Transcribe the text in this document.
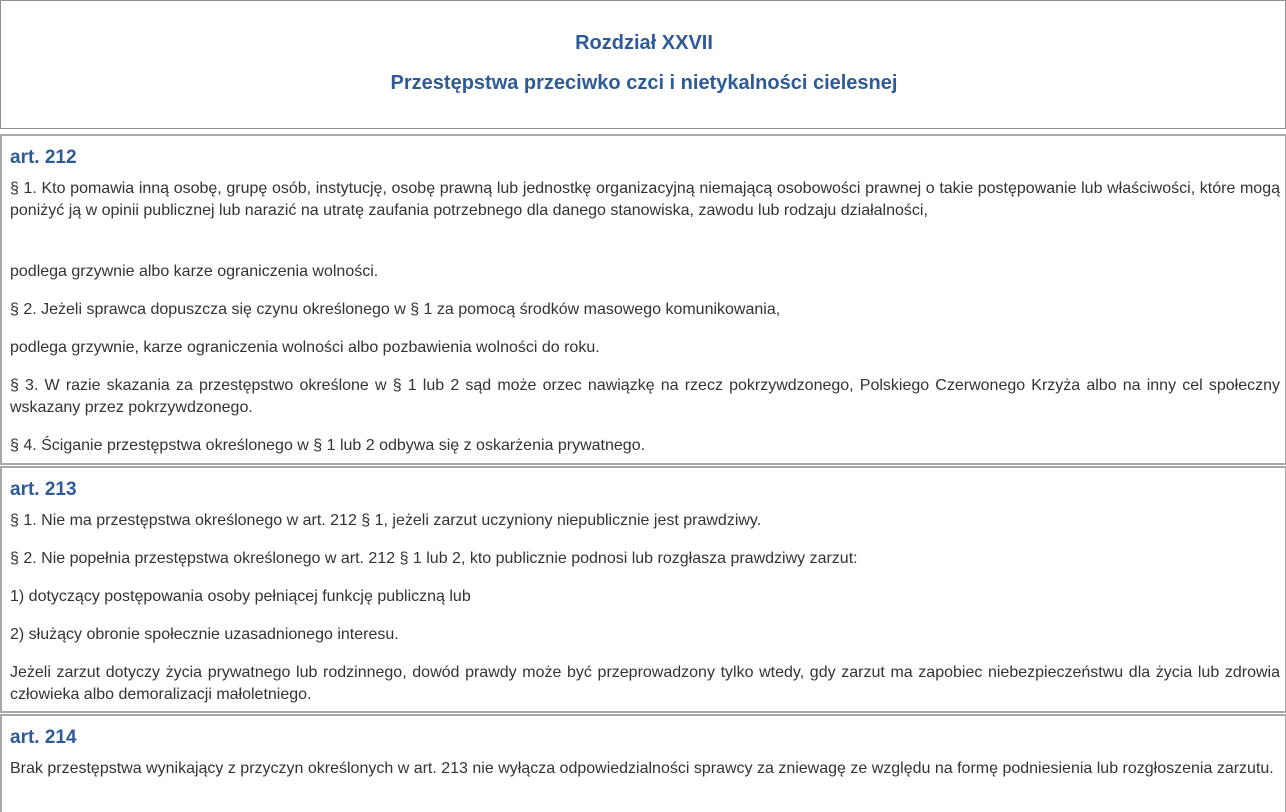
Rozdział XXVII
Przestępstwa przeciwko czci i nietykalności cielesnej
art. 212

§ 1. Kto pomawia inną osobę, grupę osób, instytucję, osobę prawną lub jednostkę organizacyjną niemającą osobowości prawnej o takie postępowanie lub właściwości, które mogą poniżyć ją w opinii publicznej lub narazić na utratę zaufania potrzebnego dla danego stanowiska, zawodu lub rodzaju działalności,

podlega grzywnie albo karze ograniczenia wolności.

§ 2. Jeżeli sprawca dopuszcza się czynu określonego w § 1 za pomocą środków masowego komunikowania,

podlega grzywnie, karze ograniczenia wolności albo pozbawienia wolności do roku.

§ 3. W razie skazania za przestępstwo określone w § 1 lub 2 sąd może orzec nawiązkę na rzecz pokrzywdzonego, Polskiego Czerwonego Krzyża albo na inny cel społeczny wskazany przez pokrzywdzonego.

§ 4. Ściganie przestępstwa określonego w § 1 lub 2 odbywa się z oskarżenia prywatnego.

art. 213

§ 1. Nie ma przestępstwa określonego w art. 212 § 1, jeżeli zarzut uczyniony niepublicznie jest prawdziwy.

§ 2. Nie popełnia przestępstwa określonego w art. 212 § 1 lub 2, kto publicznie podnosi lub rozgłasza prawdziwy zarzut:

1) dotyczący postępowania osoby pełniącej funkcję publiczną lub

2) służący obronie społecznie uzasadnionego interesu.

Jeżeli zarzut dotyczy życia prywatnego lub rodzinnego, dowód prawdy może być przeprowadzony tylko wtedy, gdy zarzut ma zapobiec niebezpieczeństwu dla życia lub zdrowia człowieka albo demoralizacji małoletniego.

art. 214

Brak przestępstwa wynikający z przyczyn określonych w art. 213 nie wyłącza odpowiedzialności sprawcy za zniewagę ze względu na formę podniesienia lub rozgłoszenia zarzutu.
